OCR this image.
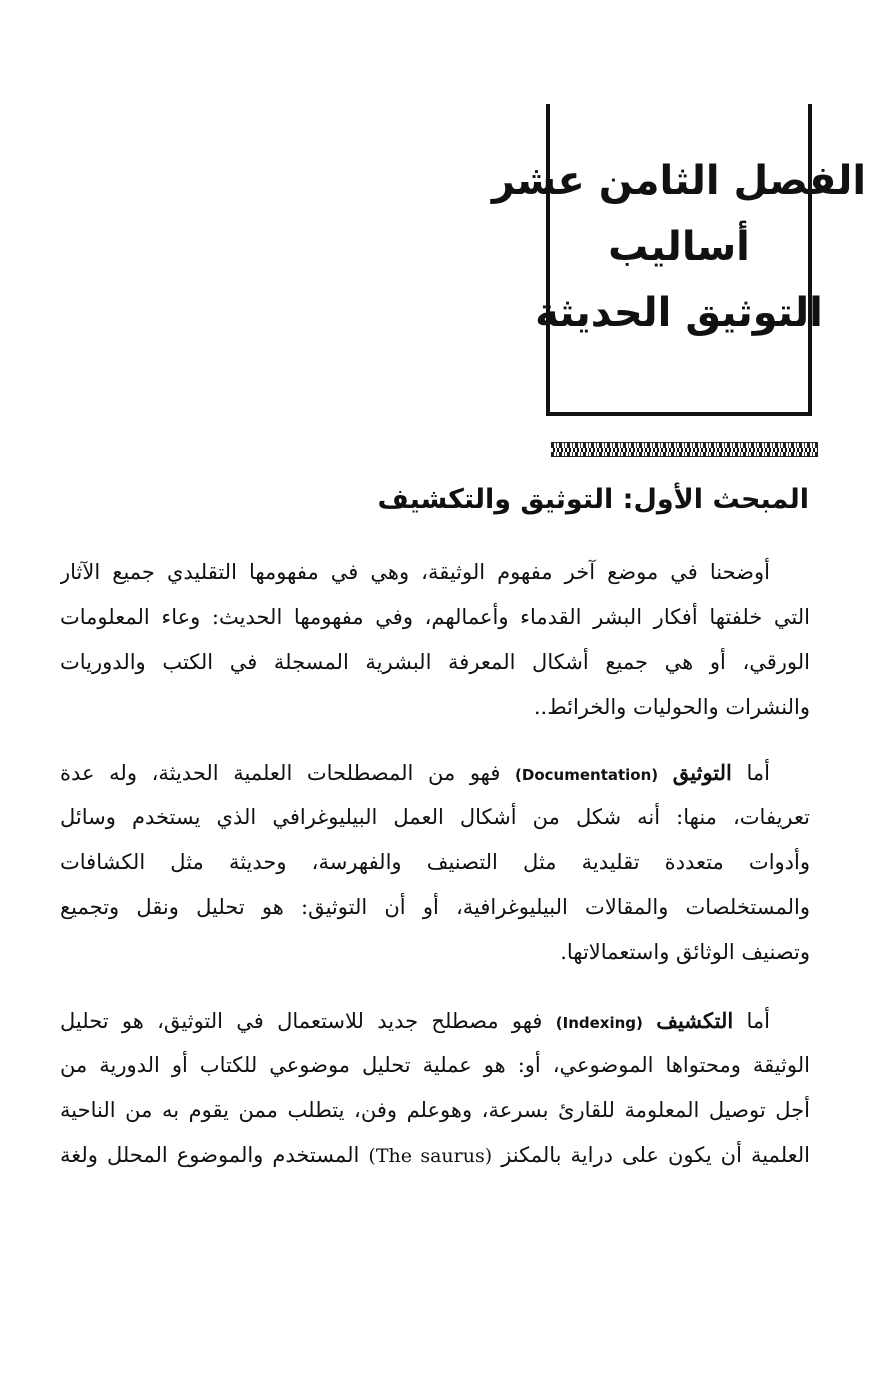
الفصل الثامن عشر
أساليب
التوثيق الحديثة
المبحث الأول: التوثيق والتكشيف
أوضحنا في موضع آخر مفهوم الوثيقة، وهي في مفهومها التقليدي جميع الآثار
التي خلفتها أفكار البشر القدماء وأعمالهم، وفي مفهومها الحديث: وعاء المعلومات
الورقي، أو هي جميع أشكال المعرفة البشرية المسجلة في الكتب والدوريات
والنشرات والحوليات والخرائط..
أما التوثيق (Documentation) فهو من المصطلحات العلمية الحديثة، وله عدة
تعريفات، منها: أنه شكل من أشكال العمل البيليوغرافي الذي يستخدم وسائل
وأدوات متعددة تقليدية مثل التصنيف والفهرسة، وحديثة مثل الكشافات
والمستخلصات والمقالات البيليوغرافية، أو أن التوثيق: هو تحليل ونقل وتجميع
وتصنيف الوثائق واستعمالاتها.
أما التكشيف (Indexing) فهو مصطلح جديد للاستعمال في التوثيق، هو تحليل
الوثيقة ومحتواها الموضوعي، أو: هو عملية تحليل موضوعي للكتاب أو الدورية من
أجل توصيل المعلومة للقارئ بسرعة، وهوعلم وفن، يتطلب ممن يقوم به من الناحية
العلمية أن يكون على دراية بالمكنز (The saurus) المستخدم والموضوع المحلل ولغة
